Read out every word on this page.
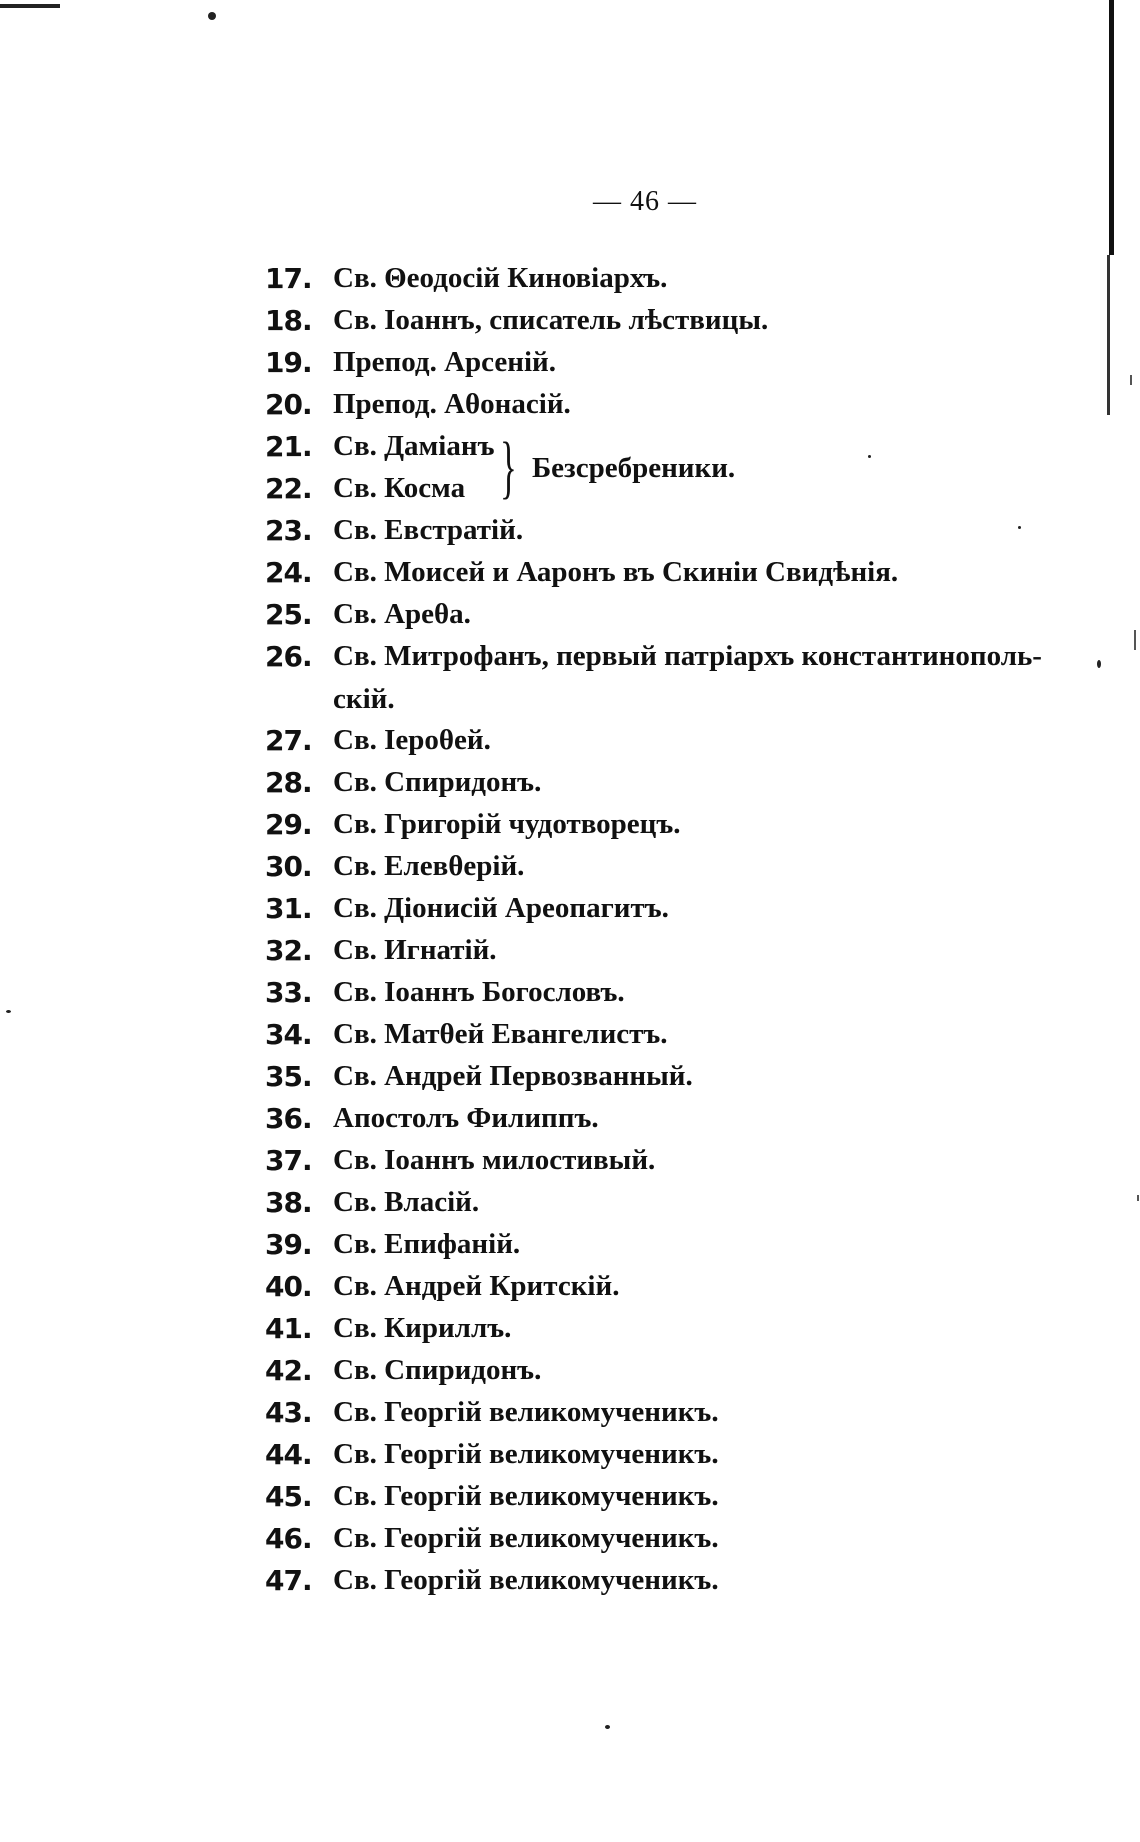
— 46 —
17. Св. Θеодосій Киновіархъ.
18. Св. Іоаннъ, списатель лѣствицы.
19. Препод. Арсеній.
20. Препод. Аθонасій.
21. Св. Даміанъ
22. Св. Косма
23. Св. Евстратій.
24. Св. Моисей и Ааронъ въ Скиніи Свидѣнія.
25. Св. Ареθа.
26. Св. Митрофанъ, первый патріархъ константинополь-
скій.
27. Св. Іероθей.
28. Св. Спиридонъ.
29. Св. Григорій чудотворецъ.
30. Св. Елевθерій.
31. Св. Діонисій Ареопагитъ.
32. Св. Игнатій.
33. Св. Іоаннъ Богословъ.
34. Св. Матθей Евангелистъ.
35. Св. Андрей Первозванный.
36. Апостолъ Филиппъ.
37. Св. Іоаннъ милостивый.
38. Св. Власій.
39. Св. Епифаній.
40. Св. Андрей Критскій.
41. Св. Кириллъ.
42. Св. Спиридонъ.
43. Св. Георгій великомученикъ.
44. Св. Георгій великомученикъ.
45. Св. Георгій великомученикъ.
46. Св. Георгій великомученикъ.
47. Св. Георгій великомученикъ.
} Безсребреники.
